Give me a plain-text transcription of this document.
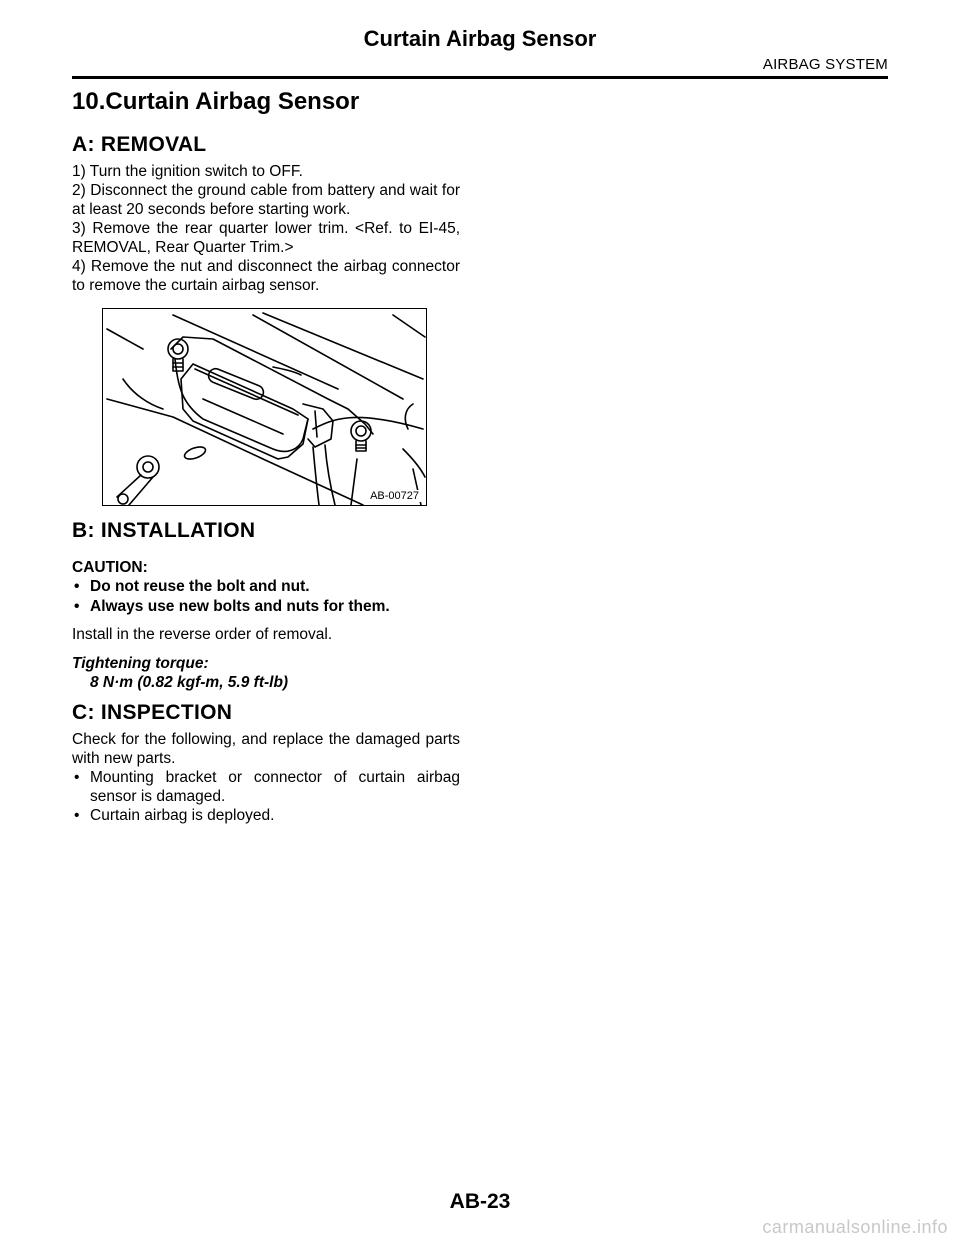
Curtain Airbag Sensor
AIRBAG SYSTEM
10.Curtain Airbag Sensor
A: REMOVAL

1) Turn the ignition switch to OFF.

2) Disconnect the ground cable from battery and wait for at least 20 seconds before starting work.

3) Remove the rear quarter lower trim. <Ref. to EI-45, REMOVAL, Rear Quarter Trim.>

4) Remove the nut and disconnect the airbag connector to remove the curtain airbag sensor.

AB-00727
B: INSTALLATION
CAUTION:
• Do not reuse the bolt and nut.
• Always use new bolts and nuts for them.

Install in the reverse order of removal.

Tightening torque:
8 N·m (0.82 kgf-m, 5.9 ft-lb)
C: INSPECTION

Check for the following, and replace the damaged parts with new parts.

• Mounting bracket or connector of curtain airbag sensor is damaged.
• Curtain airbag is deployed.
AB-23
carmanualsonline.info
